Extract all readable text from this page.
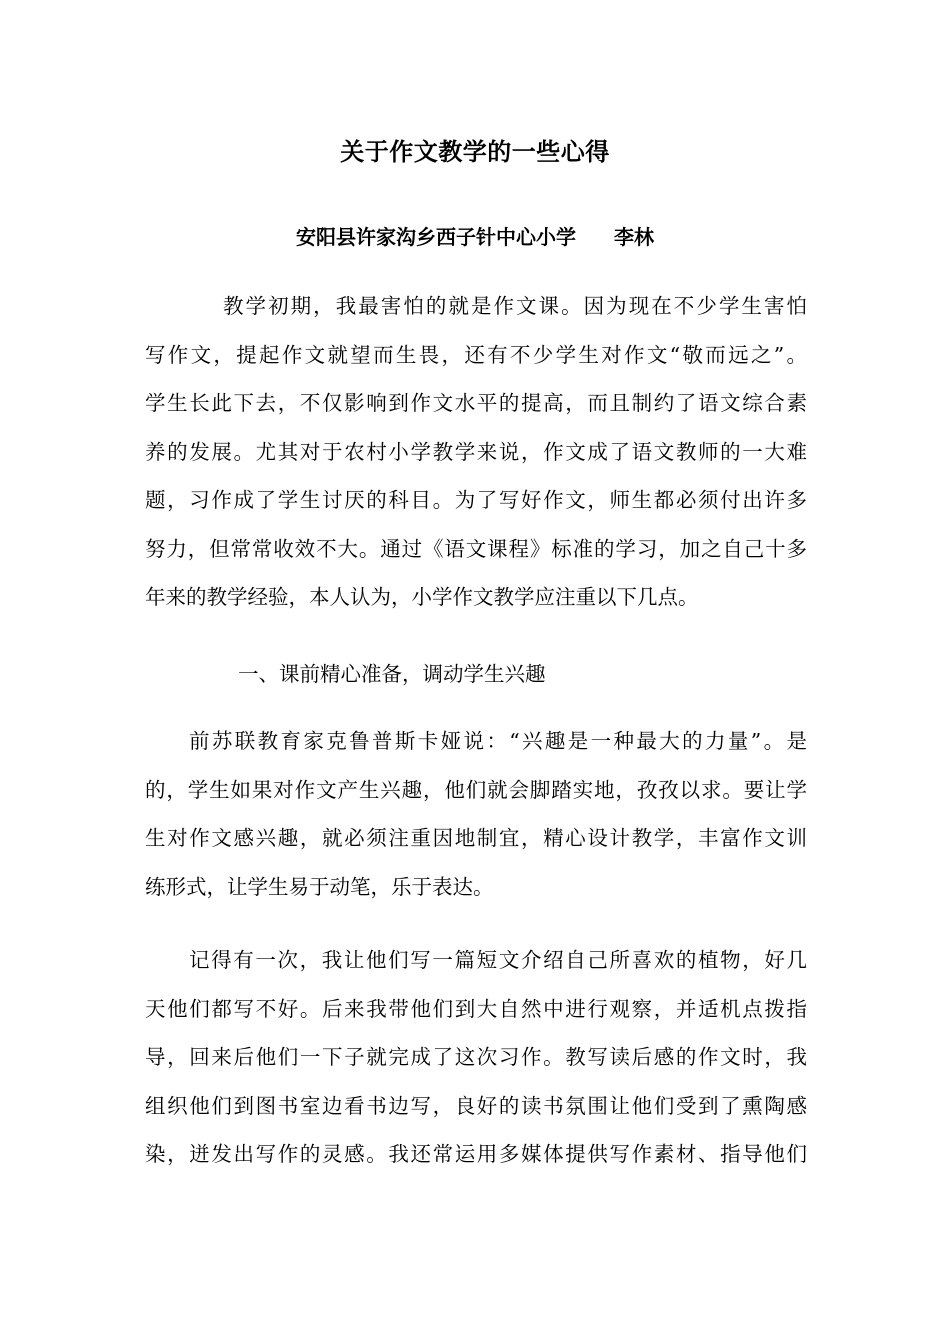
关于作文教学的一些心得
安阳县许家沟乡西子针中心小学 李林
教学初期，我最害怕的就是作文课。因为现在不少学生害怕
写作文，提起作文就望而生畏，还有不少学生对作文“敬而远之”。
学生长此下去，不仅影响到作文水平的提高，而且制约了语文综合素
养的发展。尤其对于农村小学教学来说，作文成了语文教师的一大难
题，习作成了学生讨厌的科目。为了写好作文，师生都必须付出许多
努力，但常常收效不大。通过《语文课程》标准的学习，加之自己十多
年来的教学经验，本人认为，小学作文教学应注重以下几点。
一、课前精心准备，调动学生兴趣
前苏联教育家克鲁普斯卡娅说：“兴趣是一种最大的力量”。是
的，学生如果对作文产生兴趣，他们就会脚踏实地，孜孜以求。要让学
生对作文感兴趣，就必须注重因地制宜，精心设计教学，丰富作文训
练形式，让学生易于动笔，乐于表达。
记得有一次，我让他们写一篇短文介绍自己所喜欢的植物，好几
天他们都写不好。后来我带他们到大自然中进行观察，并适机点拨指
导，回来后他们一下子就完成了这次习作。教写读后感的作文时，我
组织他们到图书室边看书边写，良好的读书氛围让他们受到了熏陶感
染，迸发出写作的灵感。我还常运用多媒体提供写作素材、指导他们
